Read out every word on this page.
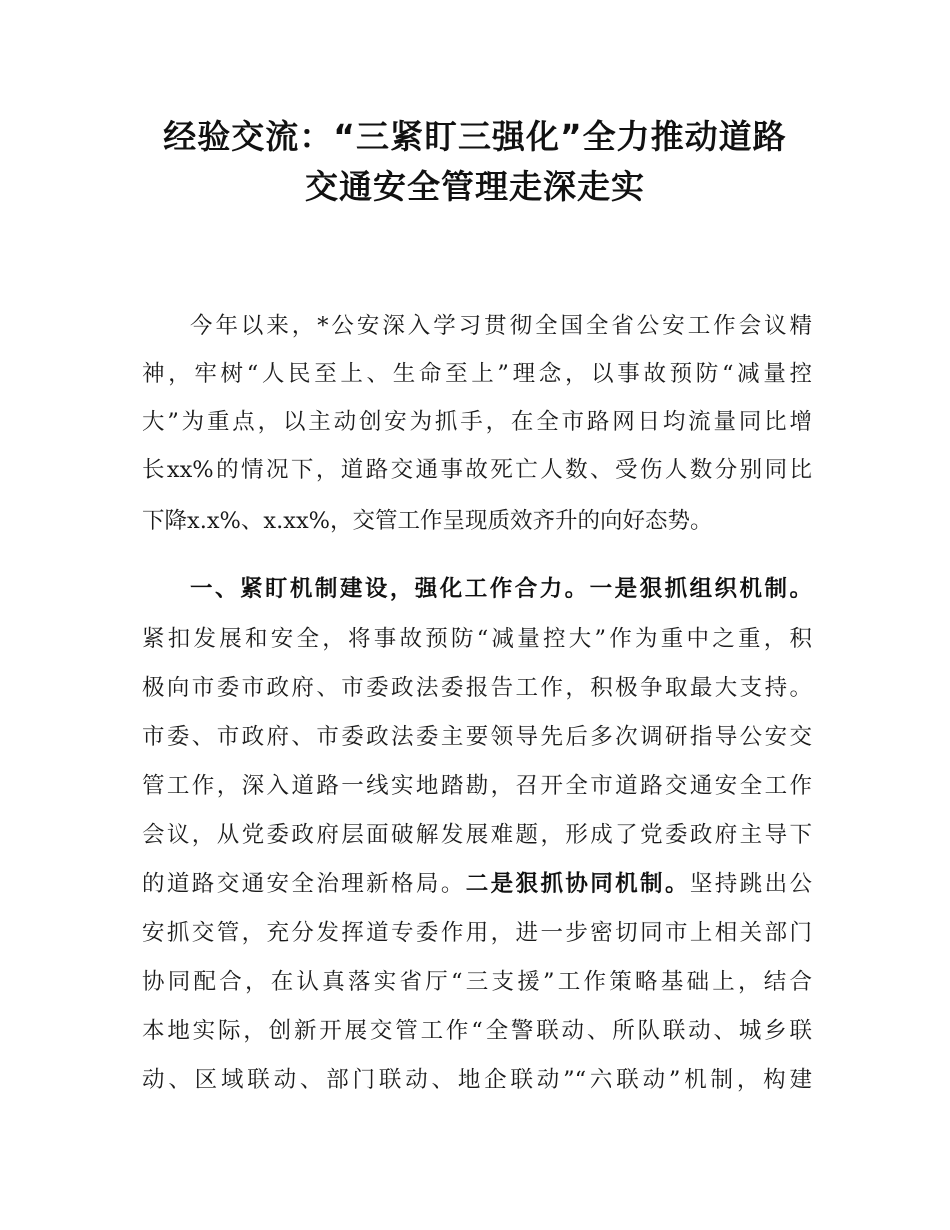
经验交流：“三紧盯三强化”全力推动道路
交通安全管理走深走实
今年以来，*公安深入学习贯彻全国全省公安工作会议精
神，牢树“人民至上、生命至上”理念，以事故预防“减量控
大”为重点，以主动创安为抓手，在全市路网日均流量同比增
长xx%的情况下，道路交通事故死亡人数、受伤人数分别同比
下降x.x%、x.xx%，交管工作呈现质效齐升的向好态势。
一、紧盯机制建设，强化工作合力。一是狠抓组织机制。
紧扣发展和安全，将事故预防“减量控大”作为重中之重，积
极向市委市政府、市委政法委报告工作，积极争取最大支持。
市委、市政府、市委政法委主要领导先后多次调研指导公安交
管工作，深入道路一线实地踏勘，召开全市道路交通安全工作
会议，从党委政府层面破解发展难题，形成了党委政府主导下
的道路交通安全治理新格局。二是狠抓协同机制。坚持跳出公
安抓交管，充分发挥道专委作用，进一步密切同市上相关部门
协同配合，在认真落实省厅“三支援”工作策略基础上，结合
本地实际，创新开展交管工作“全警联动、所队联动、城乡联
动、区域联动、部门联动、地企联动”“六联动”机制，构建
